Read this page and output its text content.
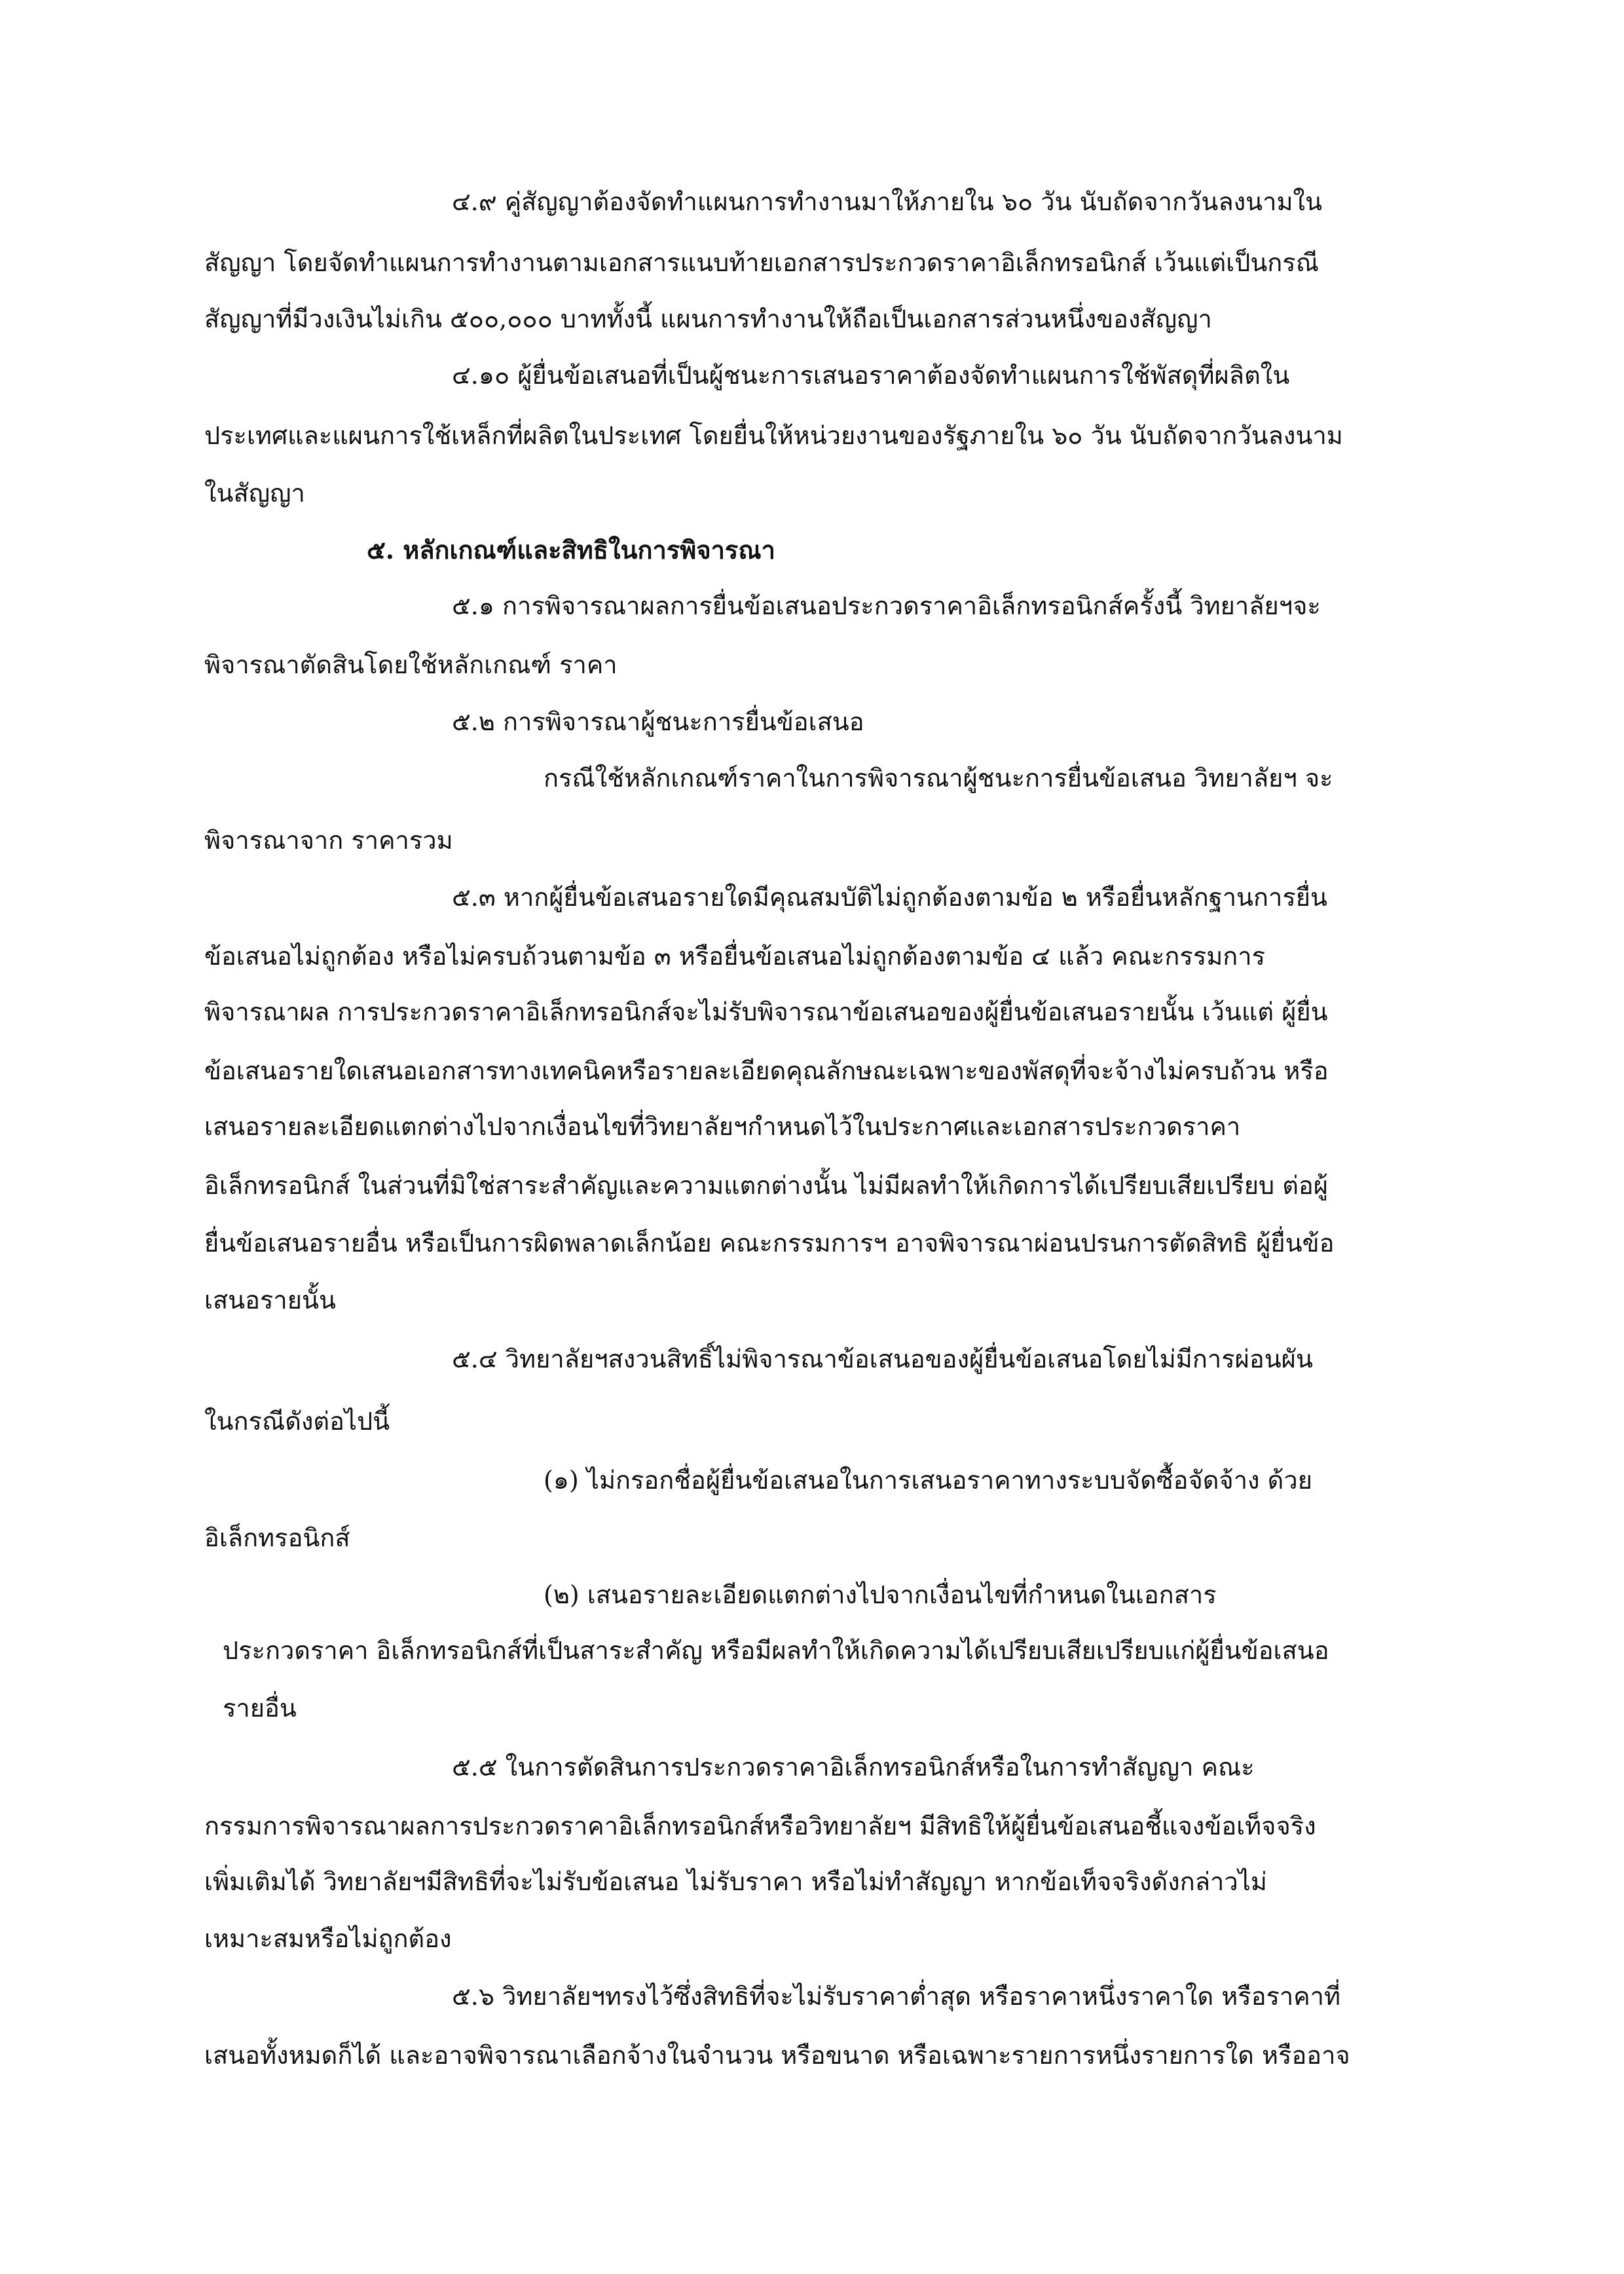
๔.๙ คู่สัญญาต้องจัดทำแผนการทำงานมาให้ภายใน ๖๐ วัน นับถัดจากวันลงนามใน
สัญญา โดยจัดทำแผนการทำงานตามเอกสารแนบท้ายเอกสารประกวดราคาอิเล็กทรอนิกส์ เว้นแต่เป็นกรณี
สัญญาที่มีวงเงินไม่เกิน ๕๐๐,๐๐๐ บาททั้งนี้ แผนการทำงานให้ถือเป็นเอกสารส่วนหนึ่งของสัญญา
๔.๑๐ ผู้ยื่นข้อเสนอที่เป็นผู้ชนะการเสนอราคาต้องจัดทำแผนการใช้พัสดุที่ผลิตใน
ประเทศและแผนการใช้เหล็กที่ผลิตในประเทศ โดยยื่นให้หน่วยงานของรัฐภายใน ๖๐ วัน นับถัดจากวันลงนาม
ในสัญญา
๕. หลักเกณฑ์และสิทธิในการพิจารณา
๕.๑ การพิจารณาผลการยื่นข้อเสนอประกวดราคาอิเล็กทรอนิกส์ครั้งนี้ วิทยาลัยฯจะ
พิจารณาตัดสินโดยใช้หลักเกณฑ์ ราคา
๕.๒ การพิจารณาผู้ชนะการยื่นข้อเสนอ
กรณีใช้หลักเกณฑ์ราคาในการพิจารณาผู้ชนะการยื่นข้อเสนอ วิทยาลัยฯ จะ
พิจารณาจาก ราคารวม
๕.๓ หากผู้ยื่นข้อเสนอรายใดมีคุณสมบัติไม่ถูกต้องตามข้อ ๒ หรือยื่นหลักฐานการยื่น
ข้อเสนอไม่ถูกต้อง หรือไม่ครบถ้วนตามข้อ ๓ หรือยื่นข้อเสนอไม่ถูกต้องตามข้อ ๔ แล้ว คณะกรรมการ
พิจารณาผล การประกวดราคาอิเล็กทรอนิกส์จะไม่รับพิจารณาข้อเสนอของผู้ยื่นข้อเสนอรายนั้น เว้นแต่ ผู้ยื่น
ข้อเสนอรายใดเสนอเอกสารทางเทคนิคหรือรายละเอียดคุณลักษณะเฉพาะของพัสดุที่จะจ้างไม่ครบถ้วน หรือ
เสนอรายละเอียดแตกต่างไปจากเงื่อนไขที่วิทยาลัยฯกำหนดไว้ในประกาศและเอกสารประกวดราคา
อิเล็กทรอนิกส์ ในส่วนที่มิใช่สาระสำคัญและความแตกต่างนั้น ไม่มีผลทำให้เกิดการได้เปรียบเสียเปรียบ ต่อผู้
ยื่นข้อเสนอรายอื่น หรือเป็นการผิดพลาดเล็กน้อย คณะกรรมการฯ อาจพิจารณาผ่อนปรนการตัดสิทธิ ผู้ยื่นข้อ
เสนอรายนั้น
๕.๔ วิทยาลัยฯสงวนสิทธิ์ไม่พิจารณาข้อเสนอของผู้ยื่นข้อเสนอโดยไม่มีการผ่อนผัน
ในกรณีดังต่อไปนี้
(๑) ไม่กรอกชื่อผู้ยื่นข้อเสนอในการเสนอราคาทางระบบจัดซื้อจัดจ้าง ด้วย
อิเล็กทรอนิกส์
(๒) เสนอรายละเอียดแตกต่างไปจากเงื่อนไขที่กำหนดในเอกสาร
ประกวดราคา อิเล็กทรอนิกส์ที่เป็นสาระสำคัญ หรือมีผลทำให้เกิดความได้เปรียบเสียเปรียบแก่ผู้ยื่นข้อเสนอ
รายอื่น
๕.๕ ในการตัดสินการประกวดราคาอิเล็กทรอนิกส์หรือในการทำสัญญา คณะ
กรรมการพิจารณาผลการประกวดราคาอิเล็กทรอนิกส์หรือวิทยาลัยฯ มีสิทธิให้ผู้ยื่นข้อเสนอชี้แจงข้อเท็จจริง
เพิ่มเติมได้ วิทยาลัยฯมีสิทธิที่จะไม่รับข้อเสนอ ไม่รับราคา หรือไม่ทำสัญญา หากข้อเท็จจริงดังกล่าวไม่
เหมาะสมหรือไม่ถูกต้อง
๕.๖ วิทยาลัยฯทรงไว้ซึ่งสิทธิที่จะไม่รับราคาต่ำสุด หรือราคาหนึ่งราคาใด หรือราคาที่
เสนอทั้งหมดก็ได้ และอาจพิจารณาเลือกจ้างในจำนวน หรือขนาด หรือเฉพาะรายการหนึ่งรายการใด หรืออาจ
